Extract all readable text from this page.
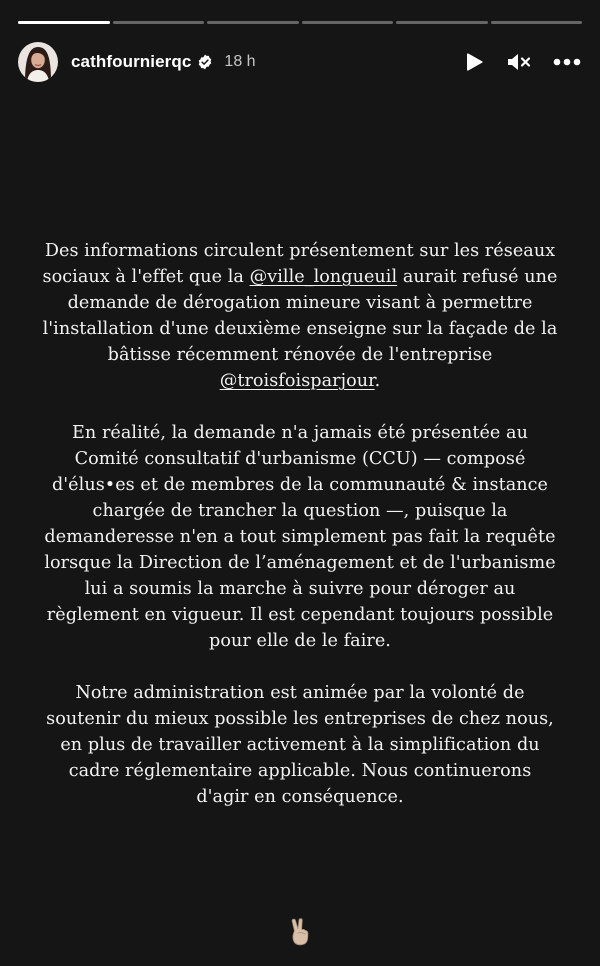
cathfournierqc 18 h

Des informations circulent présentement sur les réseaux sociaux à l'effet que la @ville_longueuil aurait refusé une demande de dérogation mineure visant à permettre l'installation d'une deuxième enseigne sur la façade de la bâtisse récemment rénovée de l'entreprise @troisfoisparjour.

En réalité, la demande n'a jamais été présentée au Comité consultatif d'urbanisme (CCU) — composé d'élus•es et de membres de la communauté & instance chargée de trancher la question —, puisque la demanderesse n'en a tout simplement pas fait la requête lorsque la Direction de l’aménagement et de l'urbanisme lui a soumis la marche à suivre pour déroger au règlement en vigueur. Il est cependant toujours possible pour elle de le faire.

Notre administration est animée par la volonté de soutenir du mieux possible les entreprises de chez nous, en plus de travailler activement à la simplification du cadre réglementaire applicable. Nous continuerons d'agir en conséquence.
